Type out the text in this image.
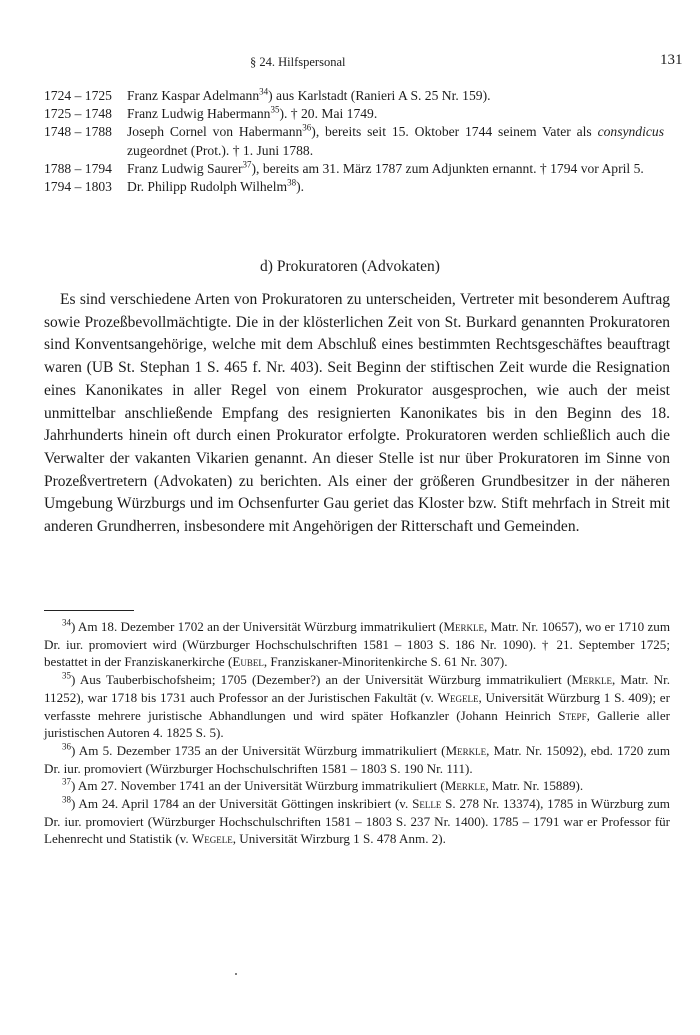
§ 24. Hilfspersonal	131
1724 – 1725	Franz Kaspar Adelmann$^{34}$) aus Karlstadt (Ranieri A S. 25 Nr. 159).
1725 – 1748	Franz Ludwig Habermann$^{35}$). † 20. Mai 1749.
1748 – 1788	Joseph Cornel von Habermann$^{36}$), bereits seit 15. Oktober 1744 seinem Vater als consyndicus zugeordnet (Prot.). † 1. Juni 1788.
1788 – 1794	Franz Ludwig Saurer$^{37}$), bereits am 31. März 1787 zum Adjunkten ernannt. † 1794 vor April 5.
1794 – 1803	Dr. Philipp Rudolph Wilhelm$^{38}$).
d) Prokuratoren (Advokaten)

Es sind verschiedene Arten von Prokuratoren zu unterscheiden, Vertreter mit besonderem Auftrag sowie Prozeßbevollmächtigte. Die in der klösterlichen Zeit von St. Burkard genannten Prokuratoren sind Konventsangehörige, welche mit dem Abschluß eines bestimmten Rechtsgeschäftes beauftragt waren (UB St. Stephan 1 S. 465 f. Nr. 403). Seit Beginn der stiftischen Zeit wurde die Resignation eines Kanonikates in aller Regel von einem Prokurator ausgesprochen, wie auch der meist unmittelbar anschließende Empfang des resignierten Kanonikates bis in den Beginn des 18. Jahrhunderts hinein oft durch einen Prokurator erfolgte. Prokuratoren werden schließlich auch die Verwalter der vakanten Vikarien genannt. An dieser Stelle ist nur über Prokuratoren im Sinne von Prozeßvertretern (Advokaten) zu berichten. Als einer der größeren Grundbesitzer in der näheren Umgebung Würzburgs und im Ochsenfurter Gau geriet das Kloster bzw. Stift mehrfach in Streit mit anderen Grundherren, insbesondere mit Angehörigen der Ritterschaft und Gemeinden.

$^{34}$) Am 18. Dezember 1702 an der Universität Würzburg immatrikuliert (Merkle, Matr. Nr. 10657), wo er 1710 zum Dr. iur. promoviert wird (Würzburger Hochschulschriften 1581 – 1803 S. 186 Nr. 1090). † 21. September 1725; bestattet in der Franziskanerkirche (Eubel, Franziskaner-Minoritenkirche S. 61 Nr. 307).

$^{35}$) Aus Tauberbischofsheim; 1705 (Dezember?) an der Universität Würzburg immatrikuliert (Merkle, Matr. Nr. 11252), war 1718 bis 1731 auch Professor an der Juristischen Fakultät (v. Wegele, Universität Würzburg 1 S. 409); er verfasste mehrere juristische Abhandlungen und wird später Hofkanzler (Johann Heinrich Stepf, Gallerie aller juristischen Autoren 4. 1825 S. 5).

$^{36}$) Am 5. Dezember 1735 an der Universität Würzburg immatrikuliert (Merkle, Matr. Nr. 15092), ebd. 1720 zum Dr. iur. promoviert (Würzburger Hochschulschriften 1581 – 1803 S. 190 Nr. 111).

$^{37}$) Am 27. November 1741 an der Universität Würzburg immatrikuliert (Merkle, Matr. Nr. 15889).

$^{38}$) Am 24. April 1784 an der Universität Göttingen inskribiert (v. Selle S. 278 Nr. 13374), 1785 in Würzburg zum Dr. iur. promoviert (Würzburger Hochschulschriften 1581 – 1803 S. 237 Nr. 1400). 1785 – 1791 war er Professor für Lehenrecht und Statistik (v. Wegele, Universität Wirzburg 1 S. 478 Anm. 2).
